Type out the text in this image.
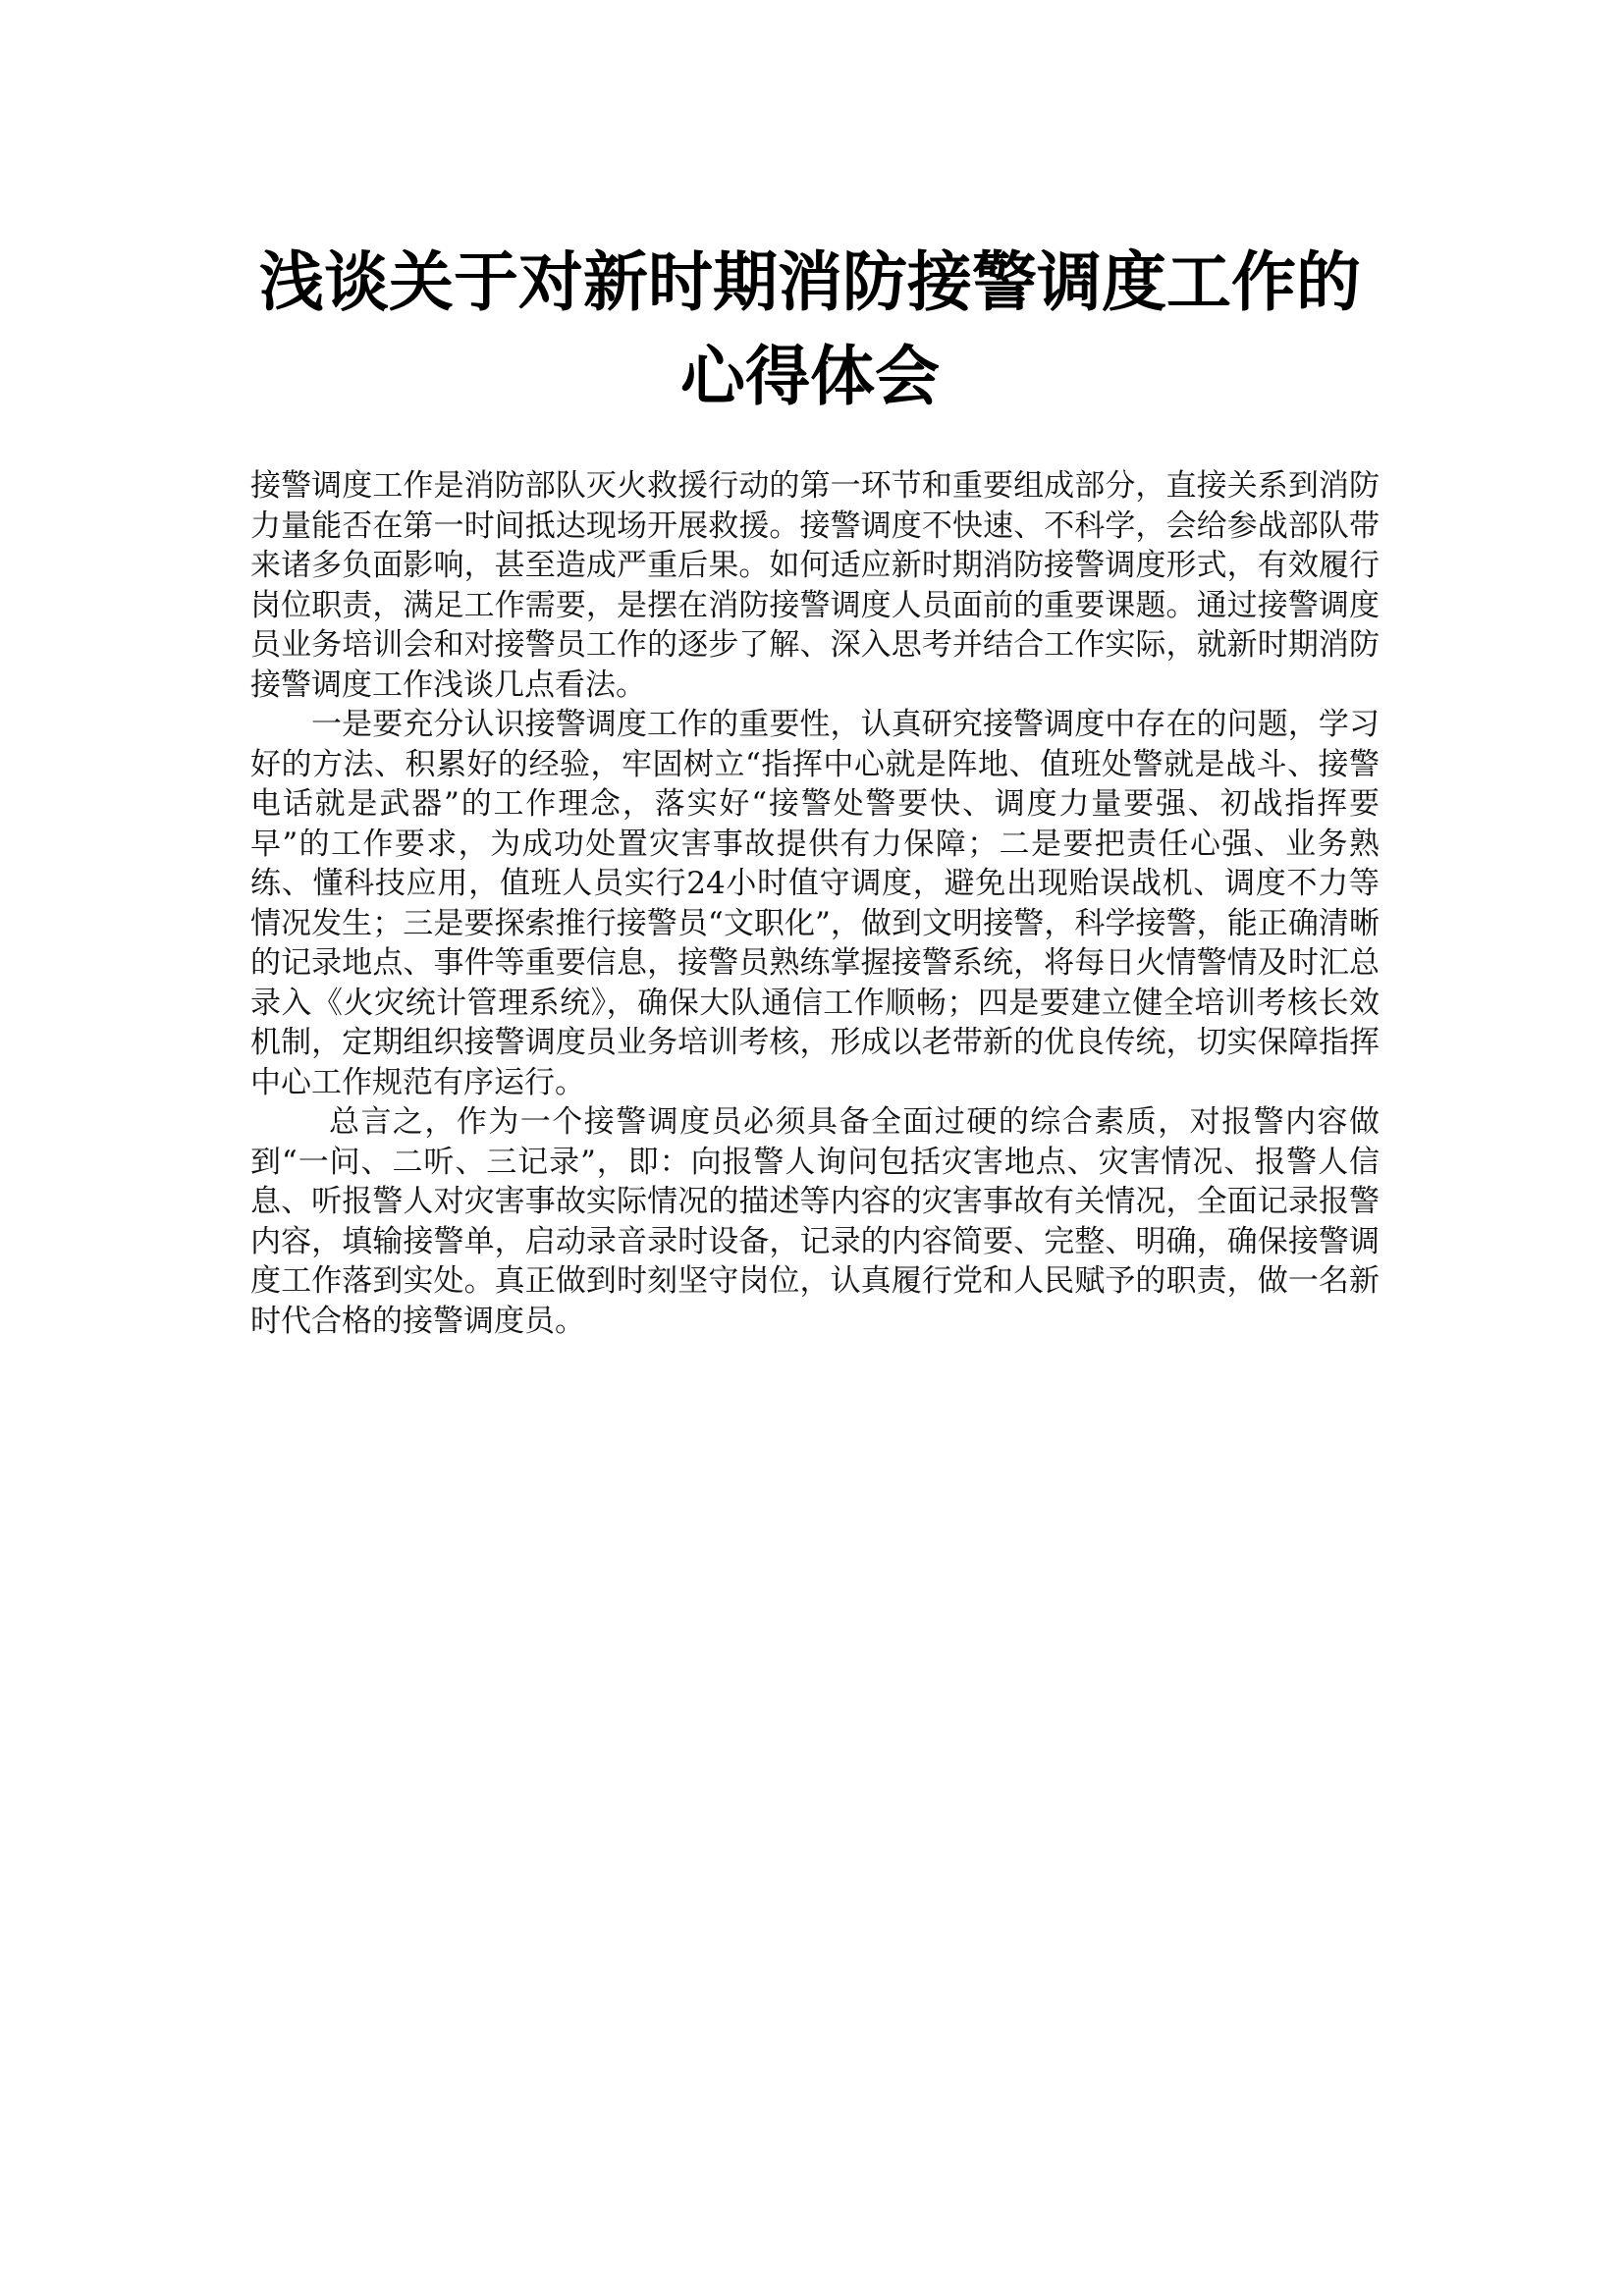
浅谈关于对新时期消防接警调度工作的
心得体会

接警调度工作是消防部队灭火救援行动的第一环节和重要组成部分，直接关系到消防力量能否在第一时间抵达现场开展救援。接警调度不快速、不科学，会给参战部队带来诸多负面影响，甚至造成严重后果。如何适应新时期消防接警调度形式，有效履行岗位职责，满足工作需要，是摆在消防接警调度人员面前的重要课题。通过接警调度员业务培训会和对接警员工作的逐步了解、深入思考并结合工作实际，就新时期消防接警调度工作浅谈几点看法。

一是要充分认识接警调度工作的重要性，认真研究接警调度中存在的问题，学习好的方法、积累好的经验，牢固树立“指挥中心就是阵地、值班处警就是战斗、接警电话就是武器”的工作理念，落实好“接警处警要快、调度力量要强、初战指挥要早”的工作要求，为成功处置灾害事故提供有力保障；二是要把责任心强、业务熟练、懂科技应用，值班人员实行24小时值守调度，避免出现贻误战机、调度不力等情况发生；三是要探索推行接警员“文职化”，做到文明接警，科学接警，能正确清晰的记录地点、事件等重要信息，接警员熟练掌握接警系统，将每日火情警情及时汇总录入《火灾统计管理系统》，确保大队通信工作顺畅；四是要建立健全培训考核长效机制，定期组织接警调度员业务培训考核，形成以老带新的优良传统，切实保障指挥中心工作规范有序运行。

总言之，作为一个接警调度员必须具备全面过硬的综合素质，对报警内容做到“一问、二听、三记录”，即：向报警人询问包括灾害地点、灾害情况、报警人信息、听报警人对灾害事故实际情况的描述等内容的灾害事故有关情况，全面记录报警内容，填输接警单，启动录音录时设备，记录的内容简要、完整、明确，确保接警调度工作落到实处。真正做到时刻坚守岗位，认真履行党和人民赋予的职责，做一名新时代合格的接警调度员。
